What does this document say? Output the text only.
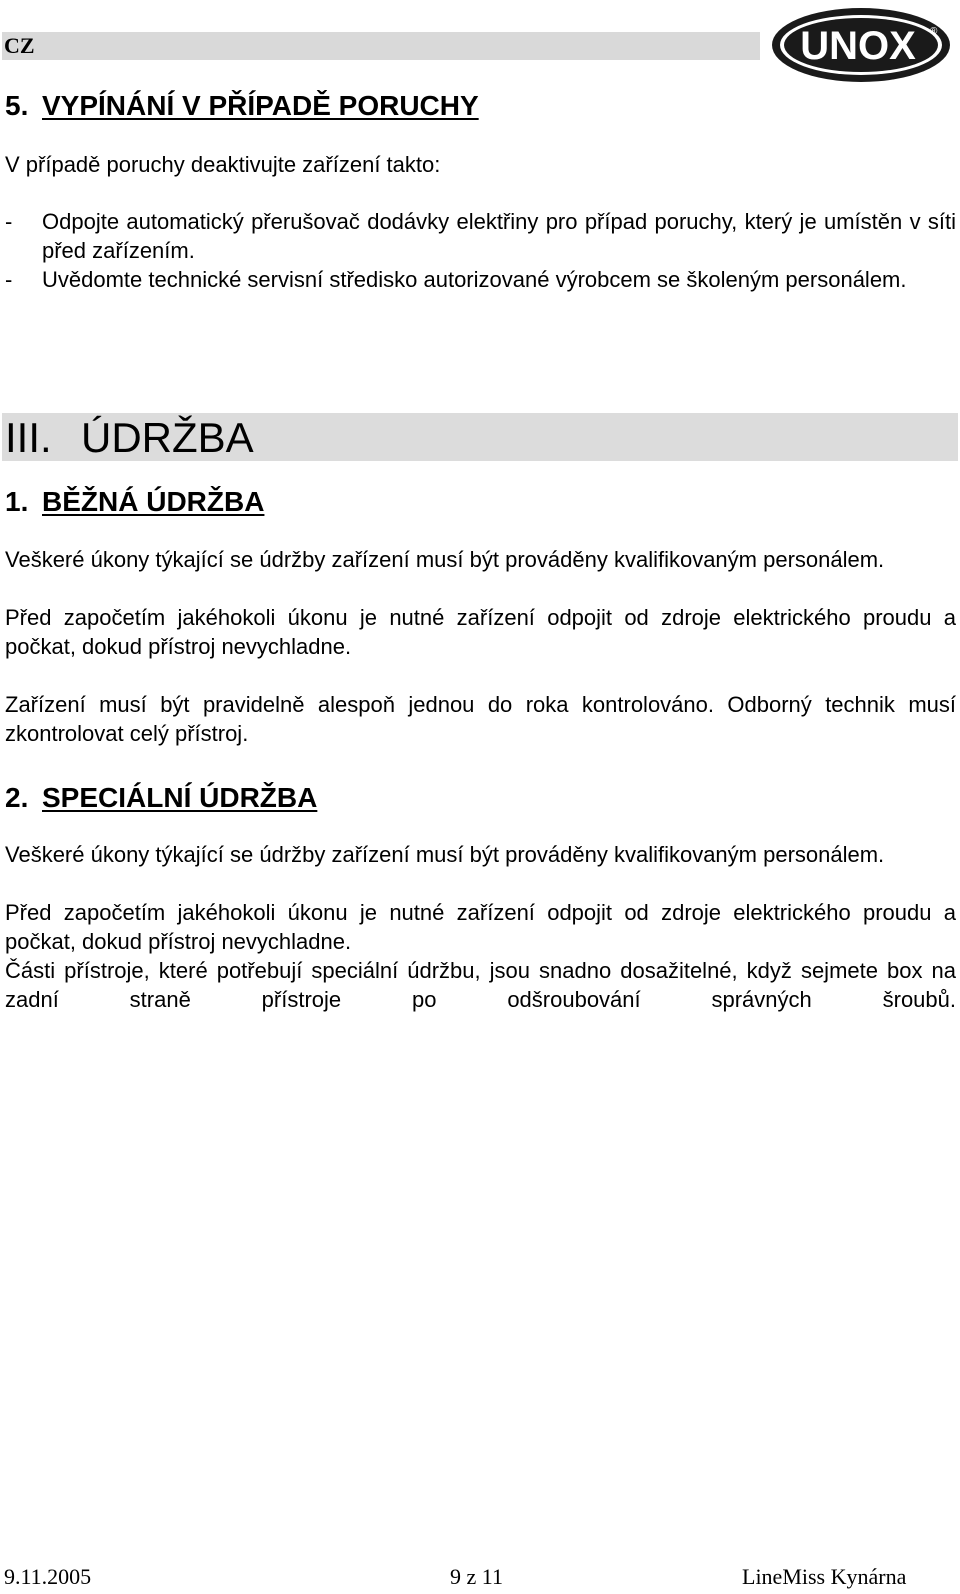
CZ	UNOX ®
5. VYPÍNÁNÍ V PŘÍPADĚ PORUCHY

V případě poruchy deaktivujte zařízení takto:

- Odpojte automatický přerušovač dodávky elektřiny pro případ poruchy, který je umístěn v síti před zařízením.
- Uvědomte technické servisní středisko autorizované výrobcem se školeným personálem.
III. ÚDRŽBA
1. BĚŽNÁ ÚDRŽBA

Veškeré úkony týkající se údržby zařízení musí být prováděny kvalifikovaným personálem.

Před započetím jakéhokoli úkonu je nutné zařízení odpojit od zdroje elektrického proudu a počkat, dokud přístroj nevychladne.

Zařízení musí být pravidelně alespoň jednou do roka kontrolováno. Odborný technik musí zkontrolovat celý přístroj.

2. SPECIÁLNÍ ÚDRŽBA

Veškeré úkony týkající se údržby zařízení musí být prováděny kvalifikovaným personálem.

Před započetím jakéhokoli úkonu je nutné zařízení odpojit od zdroje elektrického proudu a počkat, dokud přístroj nevychladne.

Části přístroje, které potřebují speciální údržbu, jsou snadno dosažitelné, když sejmete box na zadní straně přístroje po odšroubování správných šroubů.

9.11.2005	9 z 11	LineMiss Kynárna
